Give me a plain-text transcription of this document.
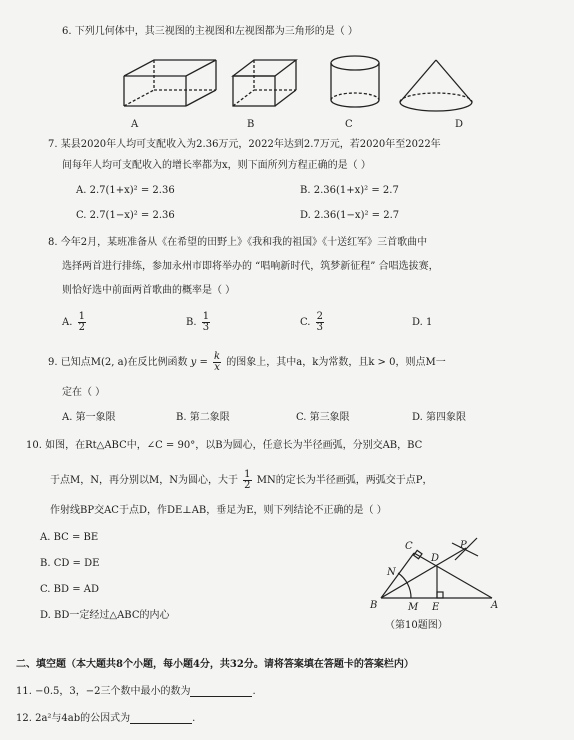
6. 下列几何体中，其三视图的主视图和左视图都为三角形的是（ ）
A	B	C	D
7. 某县2020年人均可支配收入为2.36万元，2022年达到2.7万元，若2020年至2022年
间每年人均可支配收入的增长率都为x，则下面所列方程正确的是（ ）
A. 2.7(1+x)² = 2.36	B. 2.36(1+x)² = 2.7
C. 2.7(1−x)² = 2.36	D. 2.36(1−x)² = 2.7
8. 今年2月，某班准备从《在希望的田野上》《我和我的祖国》《十送红军》三首歌曲中
选择两首进行排练，参加永州市即将举办的 “唱响新时代，筑梦新征程” 合唱选拔赛，
则恰好选中前面两首歌曲的概率是（ ）
A. $\frac{1}{2}$	B. $\frac{1}{3}$	C. $\frac{2}{3}$	D. 1
9. 已知点M(2, a)在反比例函数 $y = \frac{k}{x}$ 的图象上，其中a，k为常数，且k > 0，则点M一
定在（ ）
A. 第一象限	B. 第二象限	C. 第三象限	D. 第四象限
10. 如图，在Rt△ABC中，∠C = 90°，以B为圆心，任意长为半径画弧，分别交AB，BC
于点M，N，再分别以M，N为圆心，大于 $\frac{1}{2}$ MN的定长为半径画弧，两弧交于点P，
作射线BP交AC于点D，作DE⊥AB，垂足为E，则下列结论不正确的是（ ）
A. BC = BE
B. CD = DE
C. BD = AD
D. BD一定经过△ABC的内心
C
D
P
N
B	M E	A
（第10题图）
二、填空题（本大题共8个小题，每小题4分，共32分。请将答案填在答题卡的答案栏内）
11. −0.5，3，−2三个数中最小的数为	.
12. 2a²与4ab的公因式为	.
